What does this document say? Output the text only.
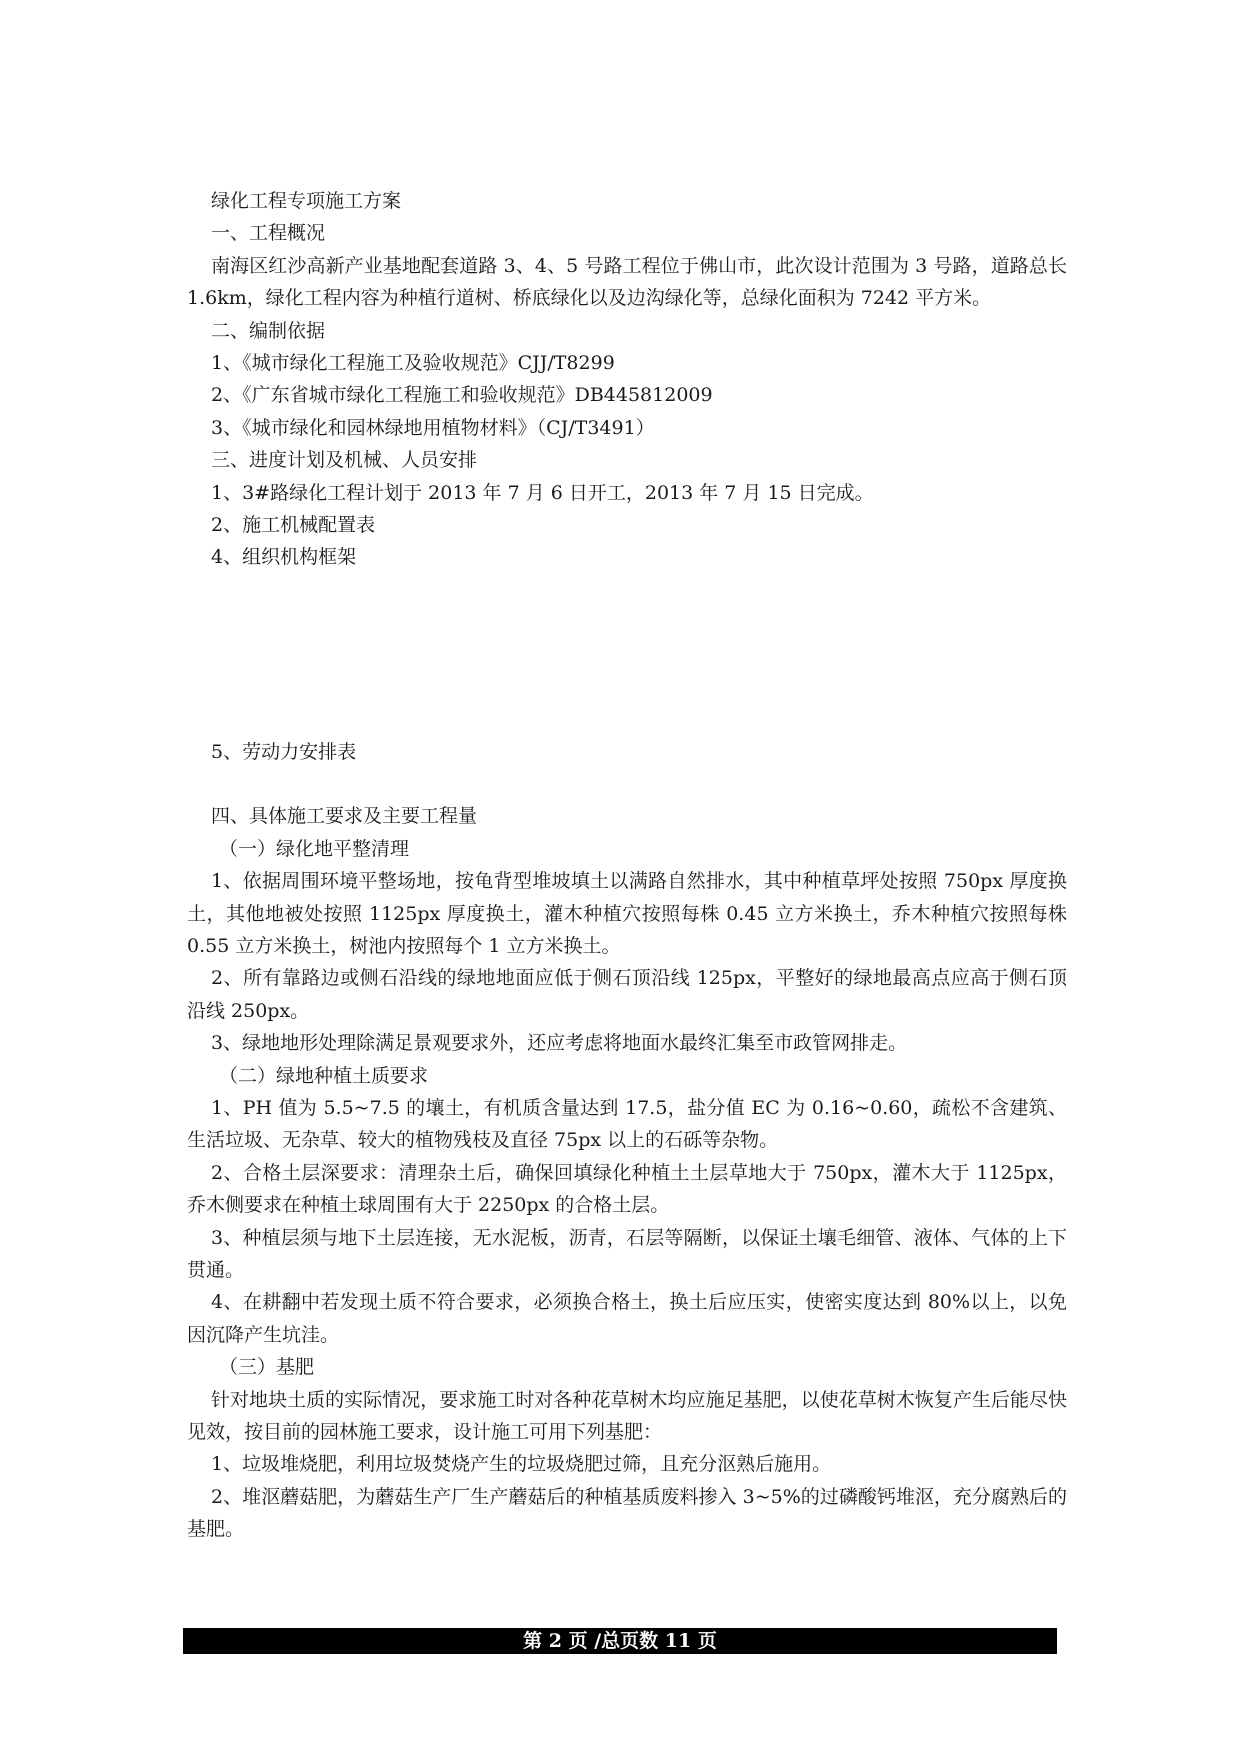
绿化工程专项施工方案

一、工程概况

南海区红沙高新产业基地配套道路 3、4、5 号路工程位于佛山市，此次设计范围为 3 号路，道路总长 1.6km，绿化工程内容为种植行道树、桥底绿化以及边沟绿化等，总绿化面积为 7242 平方米。

二、编制依据

1、《城市绿化工程施工及验收规范》CJJ/T8299

2、《广东省城市绿化工程施工和验收规范》DB445812009

3、《城市绿化和园林绿地用植物材料》（CJ/T3491）

三、进度计划及机械、人员安排

1、3#路绿化工程计划于 2013 年 7 月 6 日开工，2013 年 7 月 15 日完成。

2、施工机械配置表

4、组织机构框架

5、劳动力安排表

四、具体施工要求及主要工程量

（一）绿化地平整清理

1、依据周围环境平整场地，按龟背型堆坡填土以满路自然排水，其中种植草坪处按照 750px 厚度换土，其他地被处按照 1125px 厚度换土，灌木种植穴按照每株 0.45 立方米换土，乔木种植穴按照每株 0.55 立方米换土，树池内按照每个 1 立方米换土。

2、所有靠路边或侧石沿线的绿地地面应低于侧石顶沿线 125px，平整好的绿地最高点应高于侧石顶沿线 250px。

3、绿地地形处理除满足景观要求外，还应考虑将地面水最终汇集至市政管网排走。

（二）绿地种植土质要求

1、PH 值为 5.5~7.5 的壤土，有机质含量达到 17.5，盐分值 EC 为 0.16~0.60，疏松不含建筑、生活垃圾、无杂草、较大的植物残枝及直径 75px 以上的石砾等杂物。

2、合格土层深要求：清理杂土后，确保回填绿化种植土土层草地大于 750px，灌木大于 1125px，乔木侧要求在种植土球周围有大于 2250px 的合格土层。

3、种植层须与地下土层连接，无水泥板，沥青，石层等隔断，以保证土壤毛细管、液体、气体的上下贯通。

4、在耕翻中若发现土质不符合要求，必须换合格土，换土后应压实，使密实度达到 80%以上，以免因沉降产生坑洼。

（三）基肥

针对地块土质的实际情况，要求施工时对各种花草树木均应施足基肥，以使花草树木恢复产生后能尽快见效，按目前的园林施工要求，设计施工可用下列基肥：

1、垃圾堆烧肥，利用垃圾焚烧产生的垃圾烧肥过筛，且充分沤熟后施用。

2、堆沤蘑菇肥，为蘑菇生产厂生产蘑菇后的种植基质废料掺入 3~5%的过磷酸钙堆沤，充分腐熟后的基肥。

第 2 页 /总页数 11 页
